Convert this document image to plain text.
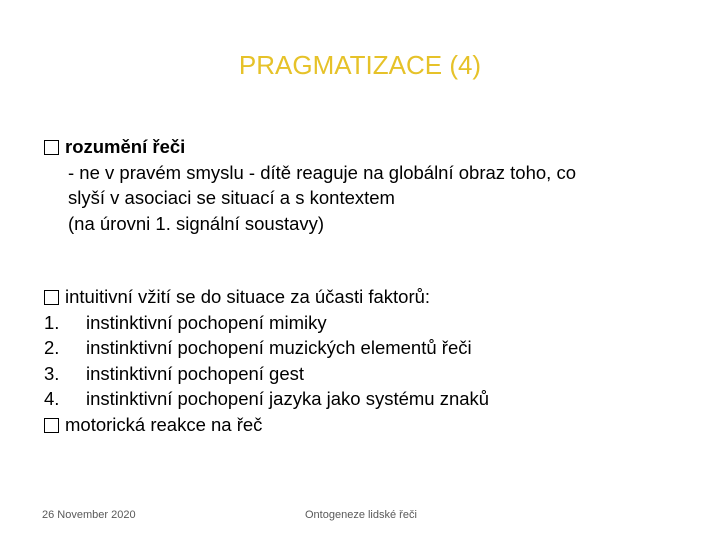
PRAGMATIZACE (4)
rozumění řeči
- ne v pravém smyslu - dítě reaguje na globální obraz toho, co
slyší v asociaci se situací a s kontextem
(na úrovni 1. signální soustavy)
intuitivní vžití se do situace za účasti faktorů:
1.	instinktivní pochopení mimiky
2.	instinktivní pochopení muzických elementů řeči
3.	instinktivní pochopení gest
4.	instinktivní pochopení jazyka jako systému znaků
motorická reakce na řeč
26 November 2020	Ontogeneze lidské řeči
